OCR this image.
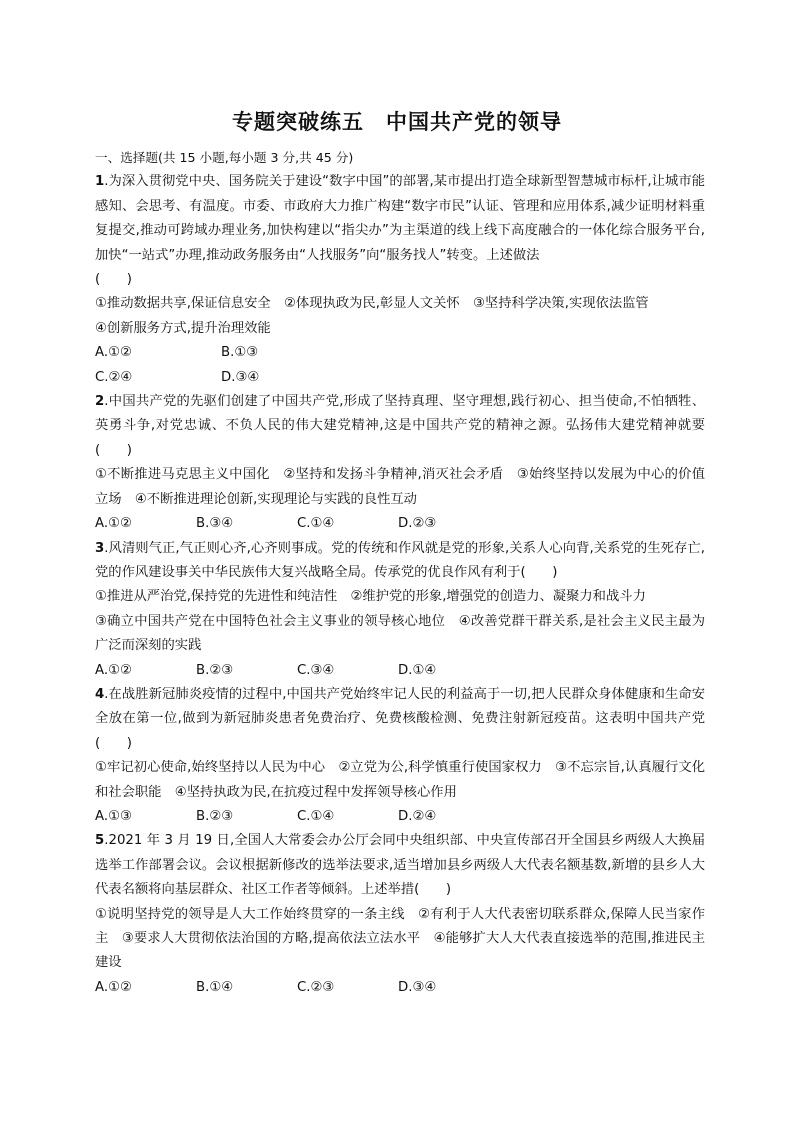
专题突破练五　中国共产党的领导
一、选择题(共 15 小题,每小题 3 分,共 45 分)
1.为深入贯彻党中央、国务院关于建设“数字中国”的部署,某市提出打造全球新型智慧城市标杆,让城市能感知、会思考、有温度。市委、市政府大力推广构建“数字市民”认证、管理和应用体系,减少证明材料重复提交,推动可跨域办理业务,加快构建以“指尖办”为主渠道的线上线下高度融合的一体化综合服务平台,加快“一站式”办理,推动政务服务由“人找服务”向“服务找人”转变。上述做法
(　　)
①推动数据共享,保证信息安全　②体现执政为民,彰显人文关怀　③坚持科学决策,实现依法监管
④创新服务方式,提升治理效能
A.①②	B.①③
C.②④	D.③④
2.中国共产党的先驱们创建了中国共产党,形成了坚持真理、坚守理想,践行初心、担当使命,不怕牺牲、英勇斗争,对党忠诚、不负人民的伟大建党精神,这是中国共产党的精神之源。弘扬伟大建党精神就要(　　)
①不断推进马克思主义中国化　②坚持和发扬斗争精神,消灭社会矛盾　③始终坚持以发展为中心的价值立场　④不断推进理论创新,实现理论与实践的良性互动
A.①②	B.③④	C.①④	D.②③
3.风清则气正,气正则心齐,心齐则事成。党的传统和作风就是党的形象,关系人心向背,关系党的生死存亡,党的作风建设事关中华民族伟大复兴战略全局。传承党的优良作风有利于(　　)
①推进从严治党,保持党的先进性和纯洁性　②维护党的形象,增强党的创造力、凝聚力和战斗力
③确立中国共产党在中国特色社会主义事业的领导核心地位　④改善党群干群关系,是社会主义民主最为广泛而深刻的实践
A.①②	B.②③	C.③④	D.①④
4.在战胜新冠肺炎疫情的过程中,中国共产党始终牢记人民的利益高于一切,把人民群众身体健康和生命安全放在第一位,做到为新冠肺炎患者免费治疗、免费核酸检测、免费注射新冠疫苗。这表明中国共产党(　　)
①牢记初心使命,始终坚持以人民为中心　②立党为公,科学慎重行使国家权力　③不忘宗旨,认真履行文化和社会职能　④坚持执政为民,在抗疫过程中发挥领导核心作用
A.①③	B.②③	C.①④	D.②④
5.2021 年 3 月 19 日,全国人大常委会办公厅会同中央组织部、中央宣传部召开全国县乡两级人大换届选举工作部署会议。会议根据新修改的选举法要求,适当增加县乡两级人大代表名额基数,新增的县乡人大代表名额将向基层群众、社区工作者等倾斜。上述举措(　　)
①说明坚持党的领导是人大工作始终贯穿的一条主线　②有利于人大代表密切联系群众,保障人民当家作主　③要求人大贯彻依法治国的方略,提高依法立法水平　④能够扩大人大代表直接选举的范围,推进民主建设
A.①②	B.①④	C.②③	D.③④
